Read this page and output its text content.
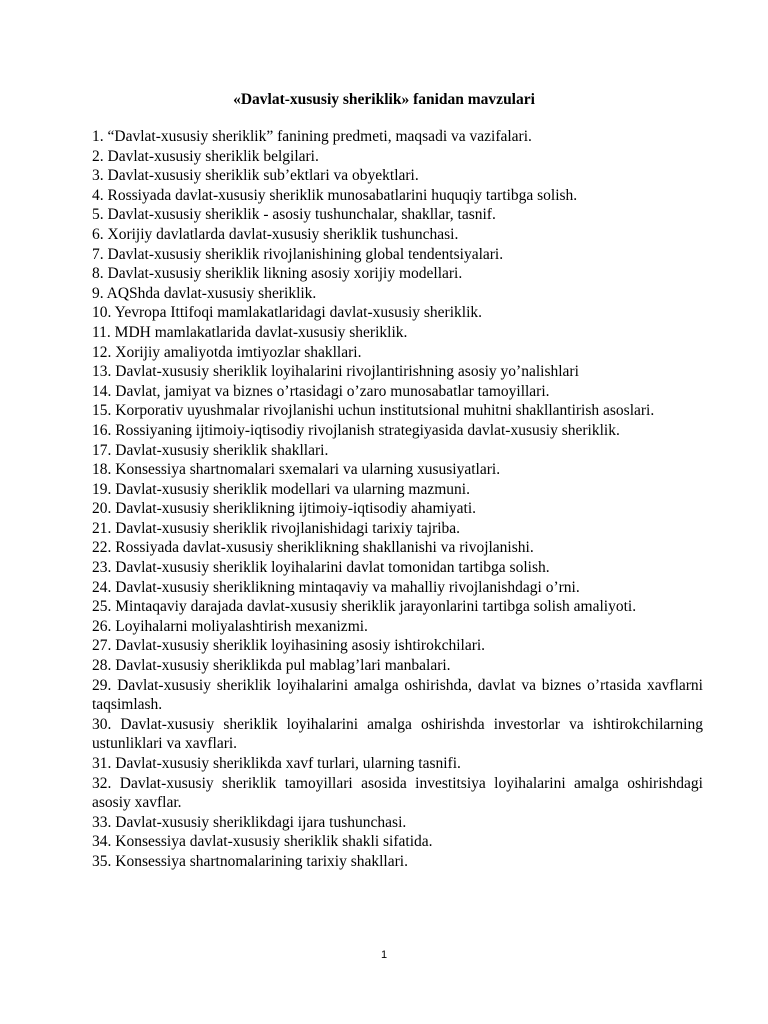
«Davlat-xususiy sheriklik» fanidan mavzulari
1. “Davlat-xususiy sheriklik” fanining predmeti, maqsadi va vazifalari.
2. Davlat-xususiy sheriklik belgilari.
3. Davlat-xususiy sheriklik sub’ektlari va obyektlari.
4. Rossiyada davlat-xususiy sheriklik munosabatlarini huquqiy tartibga solish.
5. Davlat-xususiy sheriklik - asosiy tushunchalar, shakllar, tasnif.
6. Xorijiy davlatlarda davlat-xususiy sheriklik tushunchasi.
7. Davlat-xususiy sheriklik rivojlanishining global tendentsiyalari.
8. Davlat-xususiy sheriklik likning asosiy xorijiy modellari.
9. AQShda davlat-xususiy sheriklik.
10. Yevropa Ittifoqi mamlakatlaridagi davlat-xususiy sheriklik.
11. MDH mamlakatlarida davlat-xususiy sheriklik.
12. Xorijiy amaliyotda imtiyozlar shakllari.
13. Davlat-xususiy sheriklik loyihalarini rivojlantirishning asosiy yo’nalishlari
14. Davlat, jamiyat va biznes o’rtasidagi o’zaro munosabatlar tamoyillari.
15. Korporativ uyushmalar rivojlanishi uchun institutsional muhitni shakllantirish asoslari.
16. Rossiyaning ijtimoiy-iqtisodiy rivojlanish strategiyasida davlat-xususiy sheriklik.
17. Davlat-xususiy sheriklik shakllari.
18. Konsessiya shartnomalari sxemalari va ularning xususiyatlari.
19. Davlat-xususiy sheriklik modellari va ularning mazmuni.
20. Davlat-xususiy sheriklikning ijtimoiy-iqtisodiy ahamiyati.
21. Davlat-xususiy sheriklik rivojlanishidagi tarixiy tajriba.
22. Rossiyada davlat-xususiy sheriklikning shakllanishi va rivojlanishi.
23. Davlat-xususiy sheriklik loyihalarini davlat tomonidan tartibga solish.
24. Davlat-xususiy sheriklikning mintaqaviy va mahalliy rivojlanishdagi o’rni.
25. Mintaqaviy darajada davlat-xususiy sheriklik jarayonlarini tartibga solish amaliyoti.
26. Loyihalarni moliyalashtirish mexanizmi.
27. Davlat-xususiy sheriklik loyihasining asosiy ishtirokchilari.
28. Davlat-xususiy sheriklikda pul mablag’lari manbalari.
29. Davlat-xususiy sheriklik loyihalarini amalga oshirishda, davlat va biznes o’rtasida xavflarni taqsimlash.
30. Davlat-xususiy sheriklik loyihalarini amalga oshirishda investorlar va ishtirokchilarning ustunliklari va xavflari.
31. Davlat-xususiy sheriklikda xavf turlari, ularning tasnifi.
32. Davlat-xususiy sheriklik tamoyillari asosida investitsiya loyihalarini amalga oshirishdagi asosiy xavflar.
33. Davlat-xususiy sheriklikdagi ijara tushunchasi.
34. Konsessiya davlat-xususiy sheriklik shakli sifatida.
35. Konsessiya shartnomalarining tarixiy shakllari.
1
